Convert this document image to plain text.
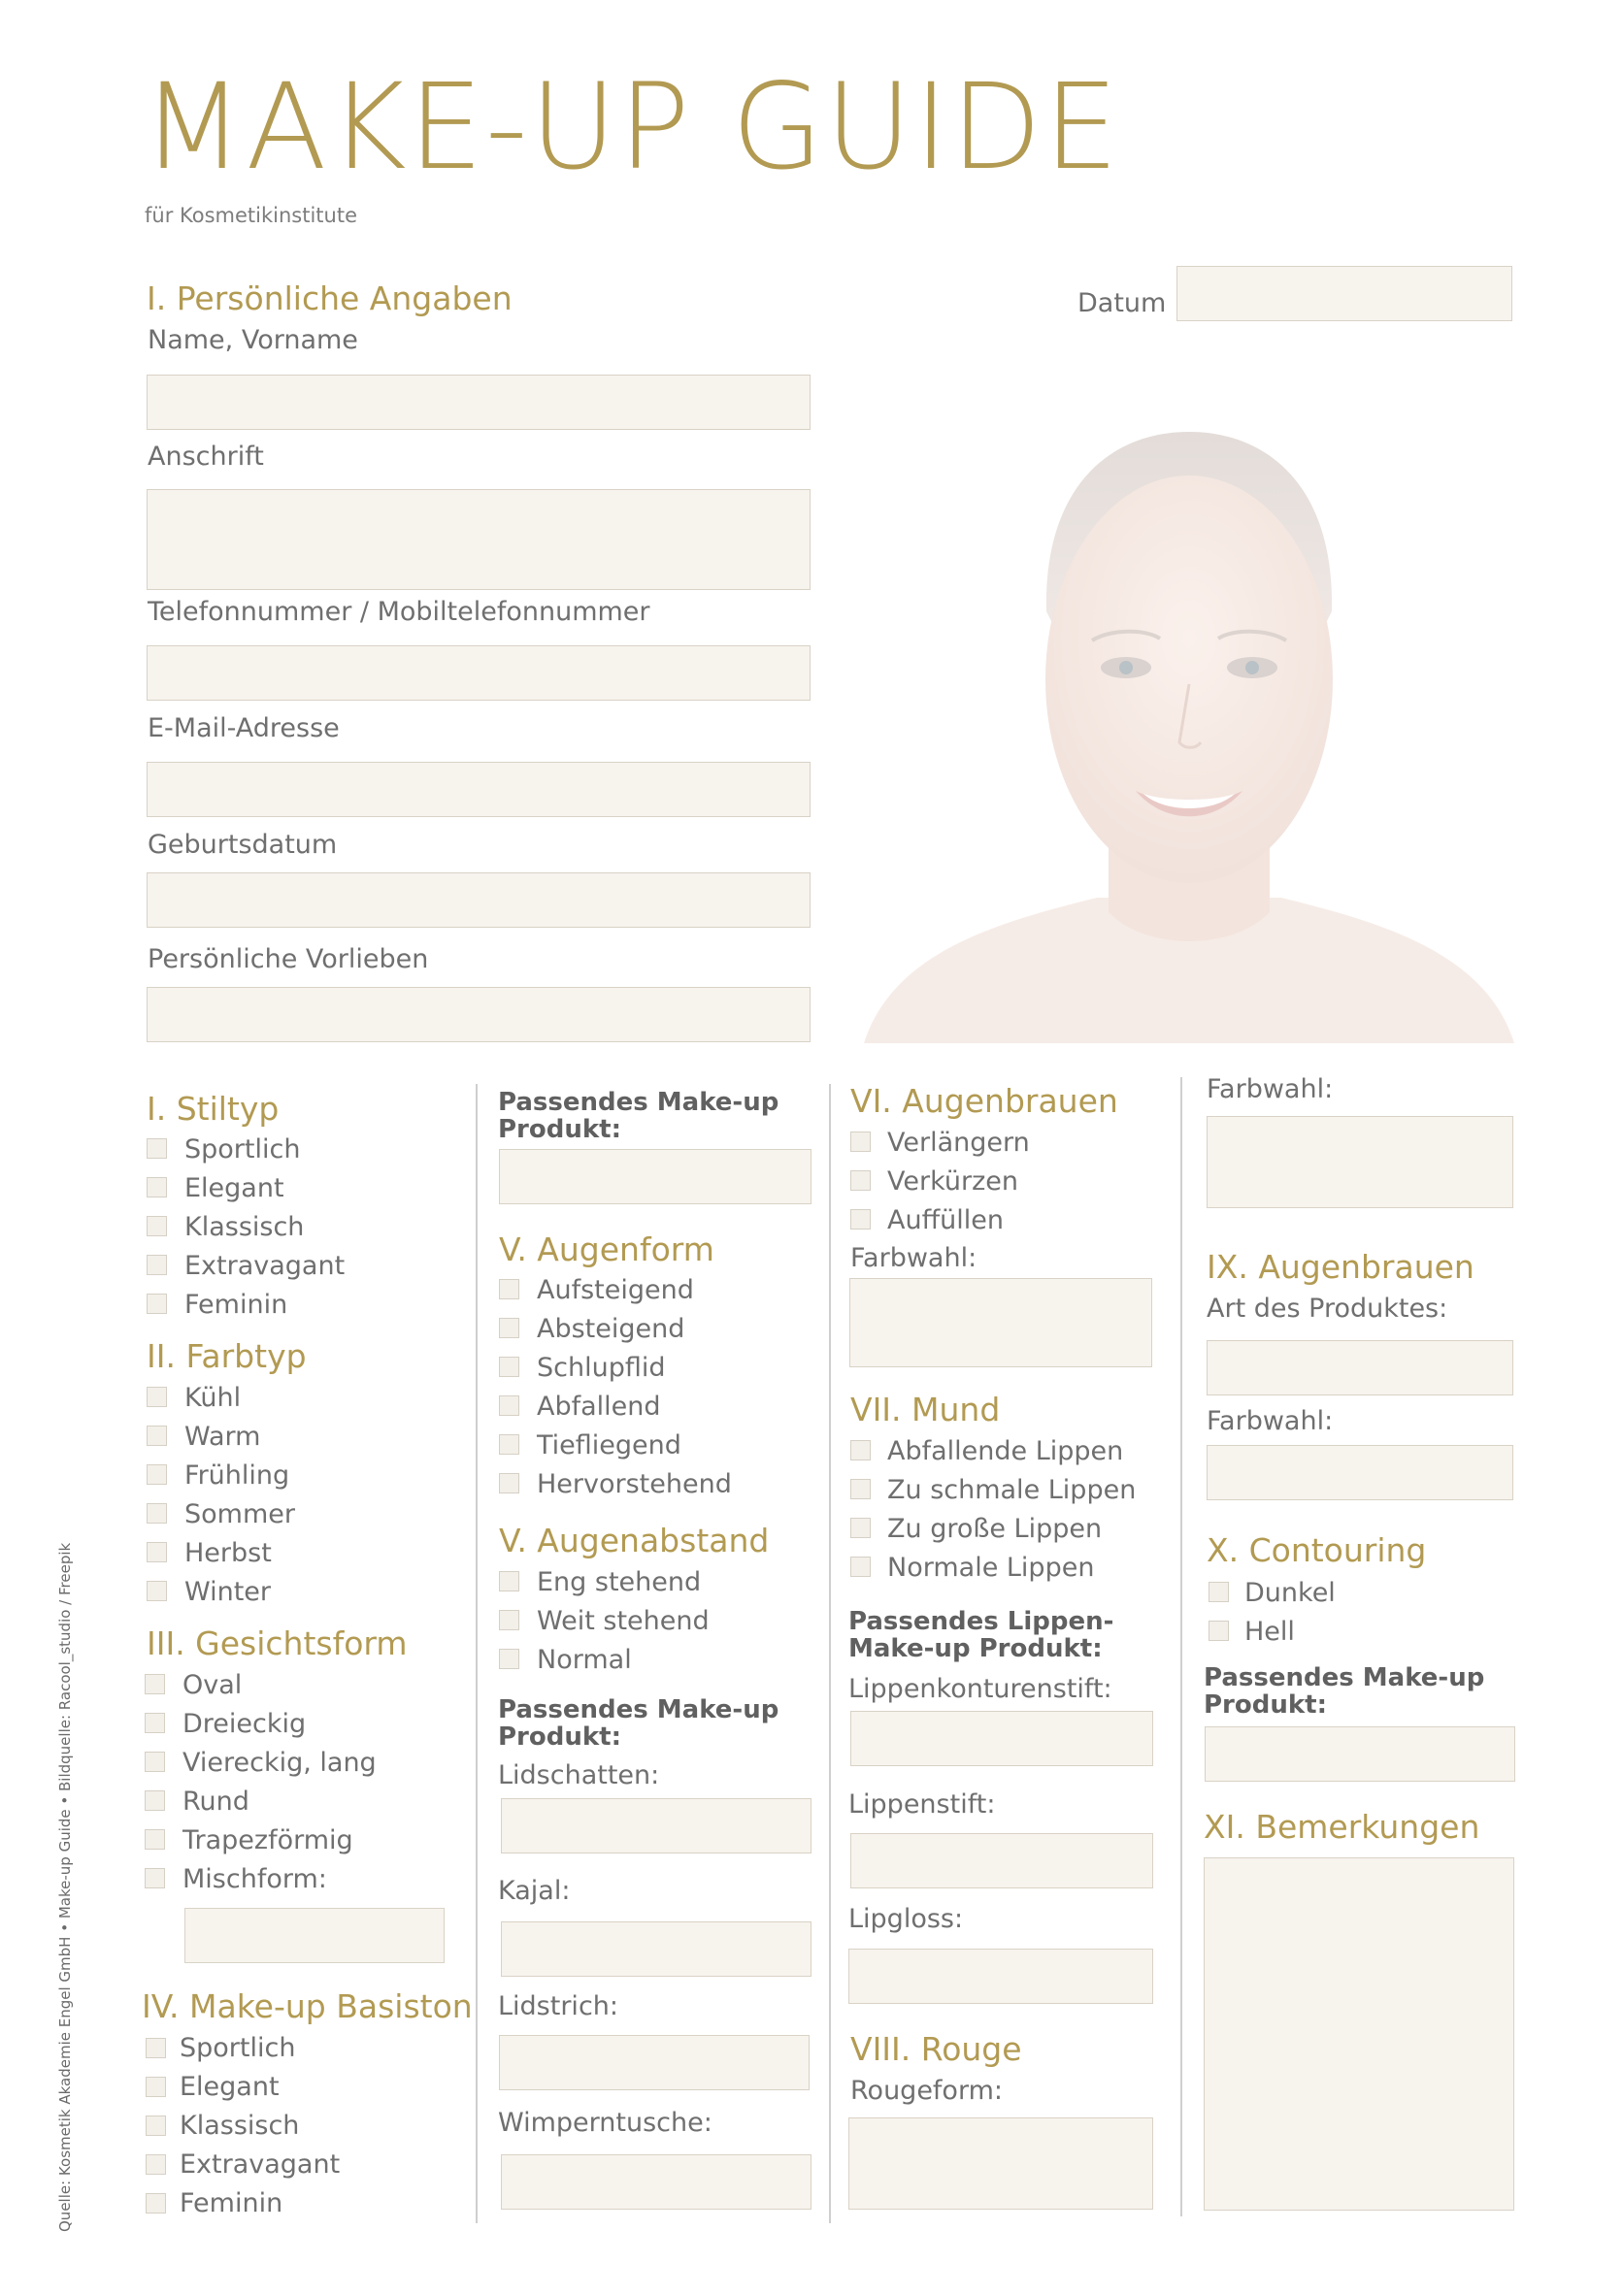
MAKE-UP GUIDE
für Kosmetikinstitute
I. Persönliche Angaben	Datum
Name, Vorname
Anschrift
Telefonnummer / Mobiltelefonnummer
E-Mail-Adresse
Geburtsdatum
Persönliche Vorlieben
I. Stiltyp
Sportlich
Elegant
Klassisch
Extravagant
Feminin
II. Farbtyp
Kühl
Warm
Frühling
Sommer
Herbst
Winter
III. Gesichtsform
Oval
Dreieckig
Viereckig, lang
Rund
Trapezförmig
Mischform:
IV. Make-up Basiston
Sportlich
Elegant
Klassisch
Extravagant
Feminin
Passendes Make-up Produkt:
V. Augenform
Aufsteigend
Absteigend
Schlupflid
Abfallend
Tiefliegend
Hervorstehend
V. Augenabstand
Eng stehend
Weit stehend
Normal
Passendes Make-up Produkt:
Lidschatten:
Kajal:
Lidstrich:
Wimperntusche:
VI. Augenbrauen
Verlängern
Verkürzen
Auffüllen
Farbwahl:
VII. Mund
Abfallende Lippen
Zu schmale Lippen
Zu große Lippen
Normale Lippen
Passendes Lippen-Make-up Produkt:
Lippenkonturenstift:
Lippenstift:
Lipgloss:
VIII. Rouge
Rougeform:
Farbwahl:
IX. Augenbrauen
Art des Produktes:
Farbwahl:
X. Contouring
Dunkel
Hell
Passendes Make-up Produkt:
XI. Bemerkungen
Quelle: Kosmetik Akademie Engel GmbH • Make-up Guide • Bildquelle: Racool_studio / Freepik
